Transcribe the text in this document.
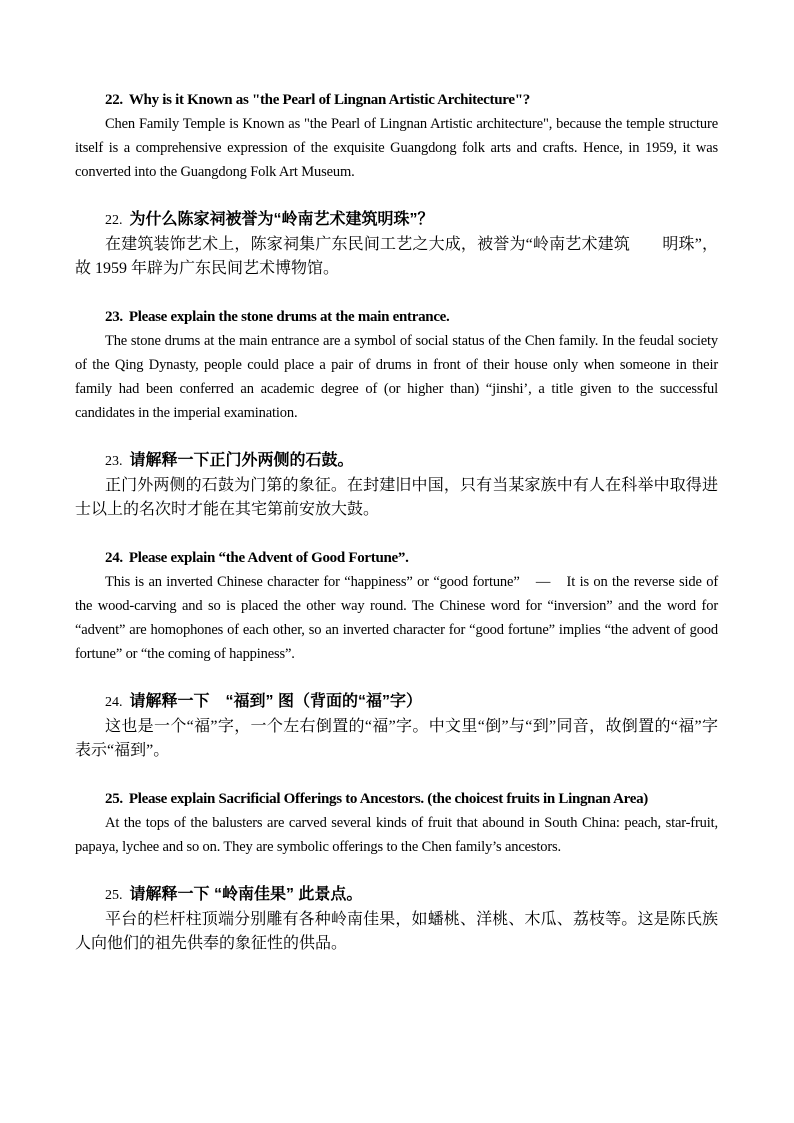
22. Why is it Known as "the Pearl of Lingnan Artistic Architecture"?

Chen Family Temple is Known as "the Pearl of Lingnan Artistic architecture", because the temple structure itself is a comprehensive expression of the exquisite Guangdong folk arts and crafts. Hence, in 1959, it was converted into the Guangdong Folk Art Museum.

22. 为什么陈家祠被誉为“岭南艺术建筑明珠”？

在建筑装饰艺术上，陈家祠集广东民间工艺之大成，被誉为“岭南艺术建筑　　明珠”，故 1959 年辟为广东民间艺术博物馆。

23. Please explain the stone drums at the main entrance.

The stone drums at the main entrance are a symbol of social status of the Chen family. In the feudal society of the Qing Dynasty, people could place a pair of drums in front of their house only when someone in their family had been conferred an academic degree of (or higher than) “jinshi’, a title given to the successful candidates in the imperial examination.

23. 请解释一下正门外两侧的石鼓。

正门外两侧的石鼓为门第的象征。在封建旧中国，只有当某家族中有人在科举中取得进士以上的名次时才能在其宅第前安放大鼓。

24. Please explain “the Advent of Good Fortune”.

This is an inverted Chinese character for “happiness” or “good fortune”　—　It is on the reverse side of the wood-carving and so is placed the other way round. The Chinese word for “inversion” and the word for “advent” are homophones of each other, so an inverted character for “good fortune” implies “the advent of good fortune” or “the coming of happiness”.

24. 请解释一下　“福到” 图（背面的“福”字）

这也是一个“福”字，一个左右倒置的“福”字。中文里“倒”与“到”同音，故倒置的“福”字表示“福到”。

25. Please explain Sacrificial Offerings to Ancestors. (the choicest fruits in Lingnan Area)

At the tops of the balusters are carved several kinds of fruit that abound in South China: peach, star-fruit, papaya, lychee and so on. They are symbolic offerings to the Chen family’s ancestors.

25. 请解释一下 “岭南佳果” 此景点。

平台的栏杆柱顶端分别雕有各种岭南佳果，如蟠桃、洋桃、木瓜、荔枝等。这是陈氏族人向他们的祖先供奉的象征性的供品。
